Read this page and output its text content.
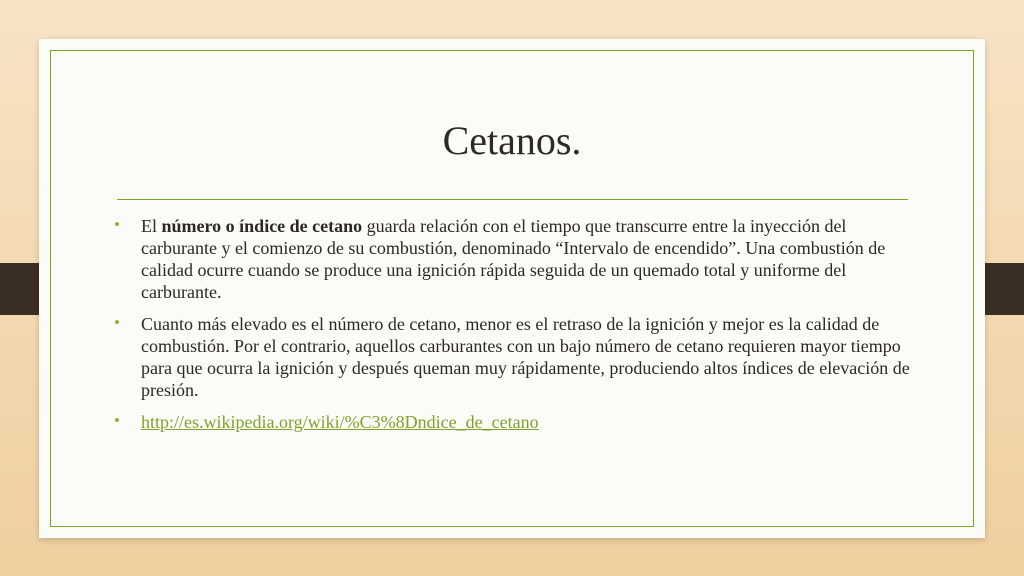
Cetanos.
• El número o índice de cetano guarda relación con el tiempo que transcurre entre la inyección del carburante y el comienzo de su combustión, denominado “Intervalo de encendido”. Una combustión de calidad ocurre cuando se produce una ignición rápida seguida de un quemado total y uniforme del carburante.
• Cuanto más elevado es el número de cetano, menor es el retraso de la ignición y mejor es la calidad de combustión. Por el contrario, aquellos carburantes con un bajo número de cetano requieren mayor tiempo para que ocurra la ignición y después queman muy rápidamente, produciendo altos índices de elevación de presión.
• http://es.wikipedia.org/wiki/%C3%8Dndice_de_cetano
